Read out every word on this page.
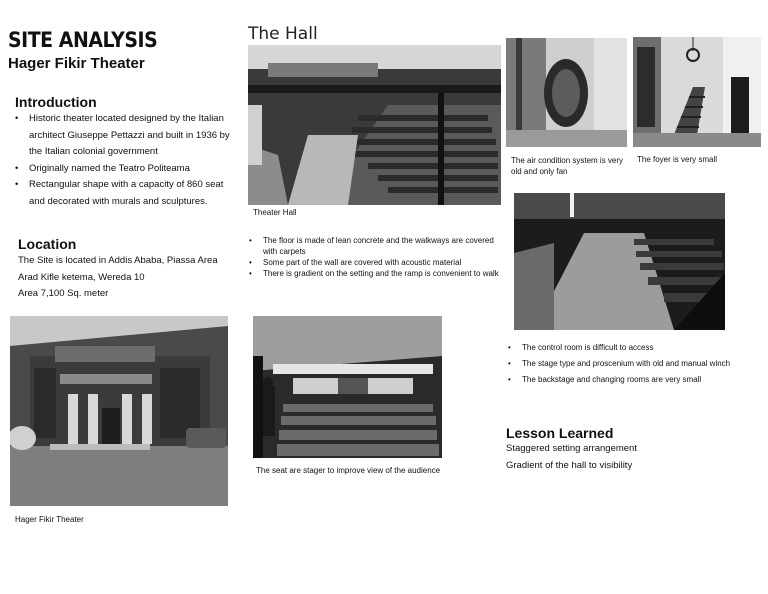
SITE ANALYSIS
Hager Fikir Theater
Introduction
• Historic theater located designed by the Italian architect Giuseppe Pettazzi and built in 1936 by the Italian colonial government
• Originally named the Teatro Politeama
• Rectangular shape with a capacity of 860 seat and decorated with murals and sculptures.
Location
The Site is located in Addis Ababa, Piassa Area
Arad Kifle ketema, Wereda 10
Area 7,100 Sq. meter
Hager Fikir Theater
The Hall
Theater Hall
• The floor is made of lean concrete and the walkways are covered with carpets
• Some part of the wall are covered with acoustic material
• There is gradient on the setting and the ramp is convenient to walk
The seat are stager to improve view of the audience
The air condition system is very old and only fan
The foyer is very small
• The control room is difficult to access
• The stage type and proscenium with old and manual winch
• The backstage and changing rooms are very small
Lesson Learned
Staggered setting arrangement
Gradient of the hall to visibility
